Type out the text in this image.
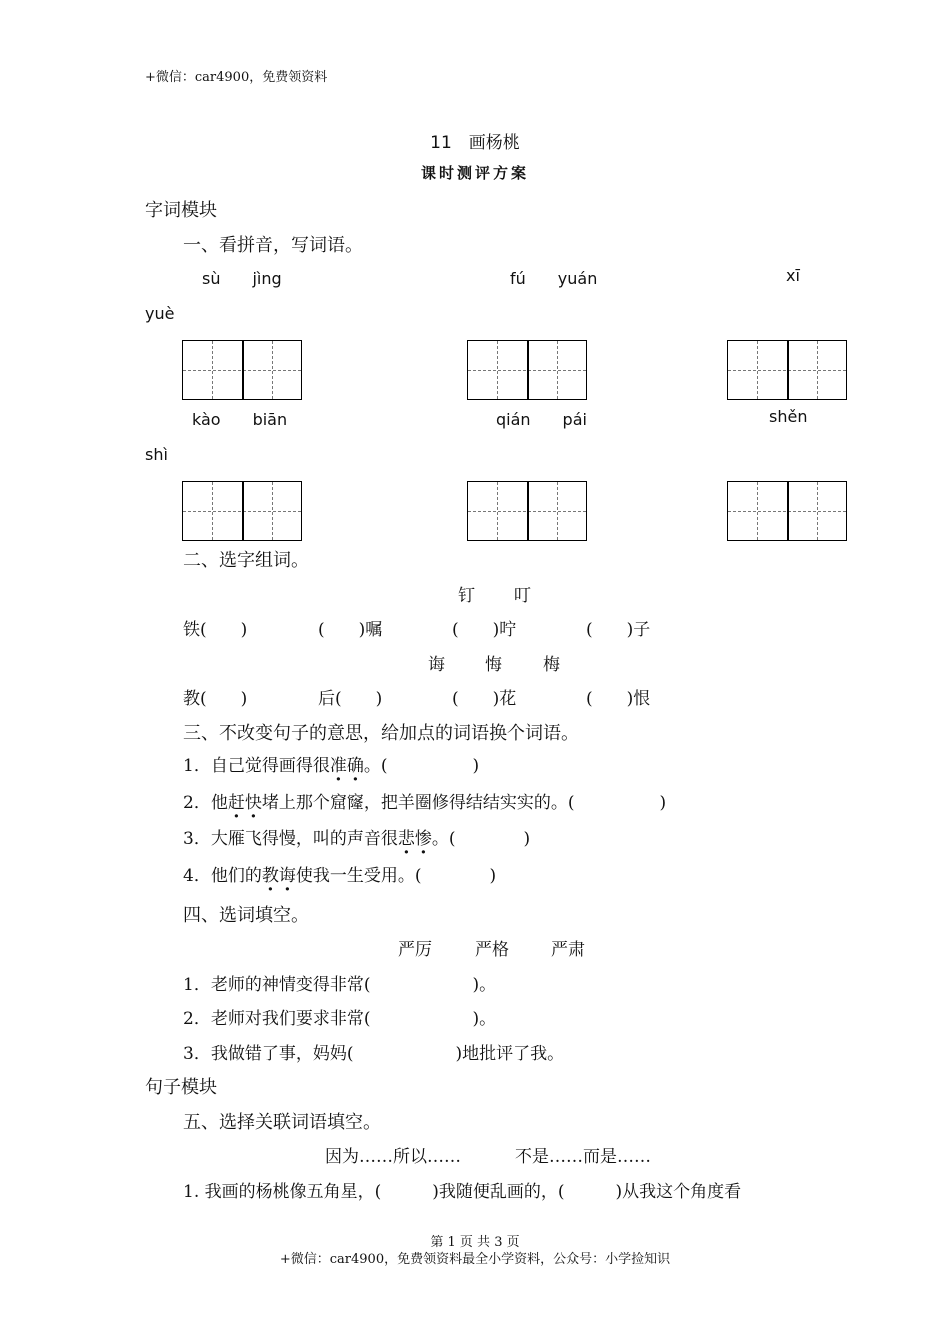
+微信：car4900，免费领资料
11　画杨桃
课时测评方案
字词模块
一、看拼音，写词语。
sù　　jìng	fú　　yuán	xī
yuè
kào　　biān	qián　　pái	shěn
shì
二、选字组词。
钉 叮
铁(　　)	(　　)嘱	(　　)咛	(　　)子
诲 悔 梅
教(　　)	后(　　)	(　　)花	(　　)恨
三、不改变句子的意思，给加点的词语换个词语。
1．自己觉得画得很准确。(　　　　　)
2．他赶快堵上那个窟窿，把羊圈修得结结实实的。(　　　　　)
3．大雁飞得慢，叫的声音很悲惨。(　　　　)
4．他们的教诲使我一生受用。(　　　　)
四、选词填空。
严厉	严格 严肃
1．老师的神情变得非常(　　　　　　)。
2．老师对我们要求非常(　　　　　　)。
3．我做错了事，妈妈(　　　　　　)地批评了我。
句子模块
五、选择关联词语填空。
因为……所以……	不是……而是……
1. 我画的杨桃像五角星，(　　　)我随便乱画的，(　　　)从我这个角度看
第 1 页 共 3 页
+微信：car4900，免费领资料最全小学资料，公众号：小学捡知识
